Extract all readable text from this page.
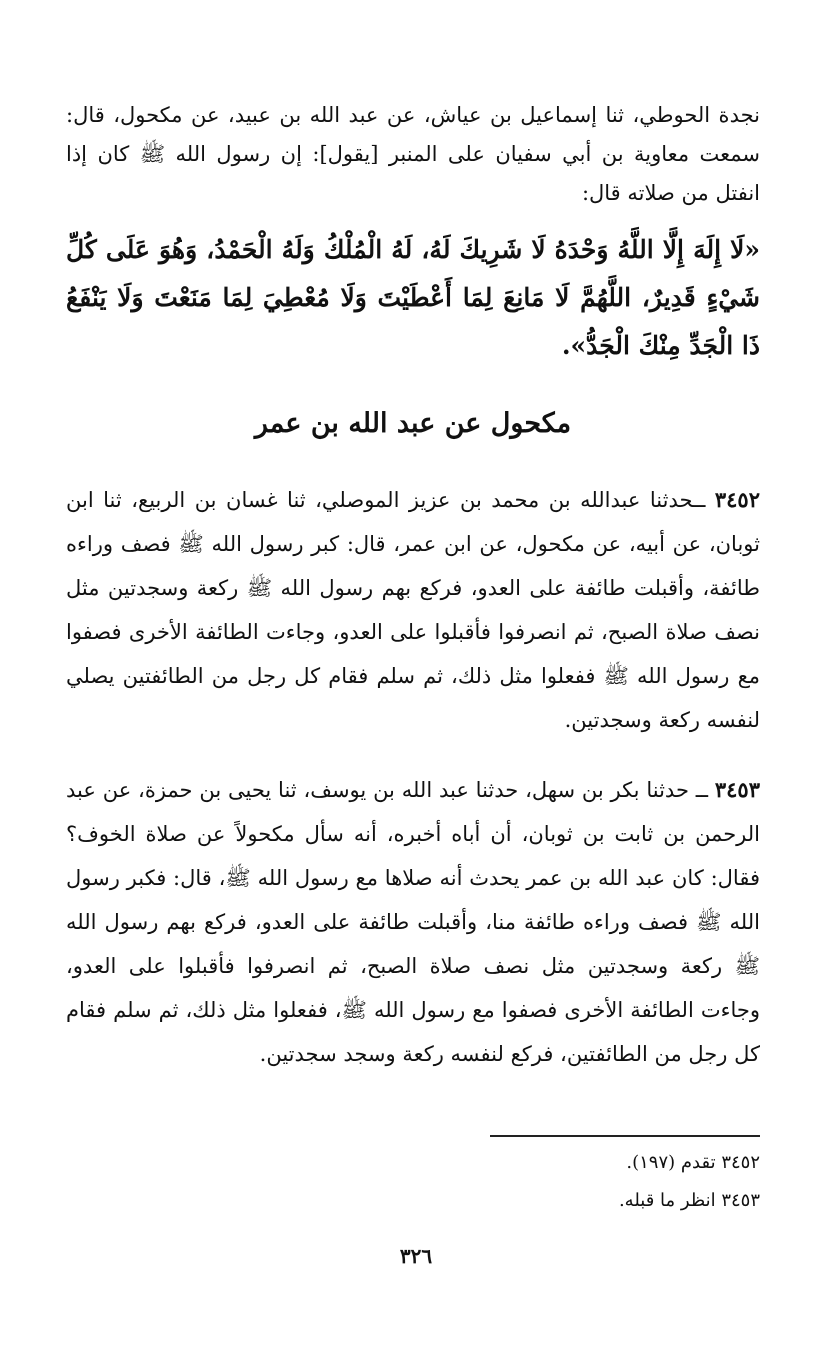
نجدة الحوطي، ثنا إسماعيل بن عياش، عن عبد الله بن عبيد، عن مكحول، قال: سمعت معاوية بن أبي سفيان على المنبر [يقول]: إن رسول الله ﷺ كان إذا انفتل من صلاته قال:

«لَا إِلَهَ إِلَّا اللَّهُ وَحْدَهُ لَا شَرِيكَ لَهُ، لَهُ الْمُلْكُ وَلَهُ الْحَمْدُ، وَهُوَ عَلَى كُلِّ شَيْءٍ قَدِيرٌ، اللَّهُمَّ لَا مَانِعَ لِمَا أَعْطَيْتَ وَلَا مُعْطِيَ لِمَا مَنَعْتَ وَلَا يَنْفَعُ ذَا الْجَدِّ مِنْكَ الْجَدُّ».

مكحول عن عبد الله بن عمر

٣٤٥٢ ــحدثنا عبدالله بن محمد بن عزيز الموصلي، ثنا غسان بن الربيع، ثنا ابن ثوبان، عن أبيه، عن مكحول، عن ابن عمر، قال: كبر رسول الله ﷺ فصف وراءه طائفة، وأقبلت طائفة على العدو، فركع بهم رسول الله ﷺ ركعة وسجدتين مثل نصف صلاة الصبح، ثم انصرفوا فأقبلوا على العدو، وجاءت الطائفة الأخرى فصفوا مع رسول الله ﷺ ففعلوا مثل ذلك، ثم سلم فقام كل رجل من الطائفتين يصلي لنفسه ركعة وسجدتين.

٣٤٥٣ ــ حدثنا بكر بن سهل، حدثنا عبد الله بن يوسف، ثنا يحيى بن حمزة، عن عبد الرحمن بن ثابت بن ثوبان، أن أباه أخبره، أنه سأل مكحولاً عن صلاة الخوف؟ فقال: كان عبد الله بن عمر يحدث أنه صلاها مع رسول الله ﷺ، قال: فكبر رسول الله ﷺ فصف وراءه طائفة منا، وأقبلت طائفة على العدو، فركع بهم رسول الله ﷺ ركعة وسجدتين مثل نصف صلاة الصبح، ثم انصرفوا فأقبلوا على العدو، وجاءت الطائفة الأخرى فصفوا مع رسول الله ﷺ، ففعلوا مثل ذلك، ثم سلم فقام كل رجل من الطائفتين، فركع لنفسه ركعة وسجد سجدتين.

٣٤٥٢ تقدم (١٩٧).
٣٤٥٣ انظر ما قبله.
٣٢٦
